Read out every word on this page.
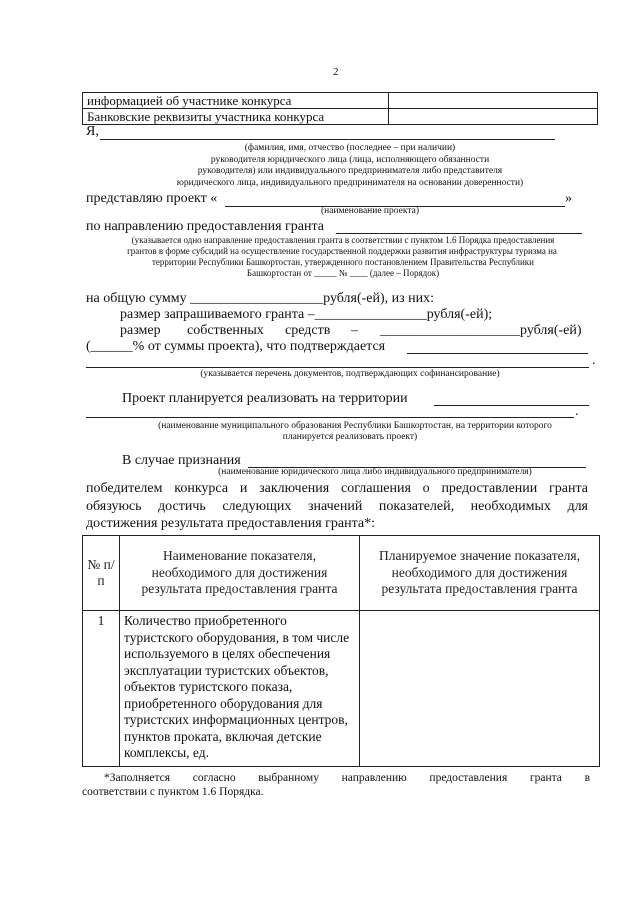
2
информацией об участнике конкурса	
Банковские реквизиты участника конкурса	
Я,
(фамилия, имя, отчество (последнее – при наличии)
руководителя юридического лица (лица, исполняющего обязанности
руководителя) или индивидуального предпринимателя либо представителя
юридического лица, индивидуального предпринимателя на основании доверенности)
представляю проект «	»
(наименование проекта)
по направлению предоставления гранта
(указывается одно направление предоставления гранта в соответствии с пунктом 1.6 Порядка предоставления
грантов в форме субсидий на осуществление государственной поддержки развития инфраструктуры туризма на
территории Республики Башкортостан, утвержденного постановлением Правительства Республики
Башкортостан от _____ № ____ (далее – Порядок)
на общую сумму ___________________рубля(-ей), из них:
размер запрашиваемого гранта –________________рубля(-ей);
размер собственных средств – ____________________рубля(-ей)
(______% от суммы проекта), что подтверждается
.
(указывается перечень документов, подтверждающих софинансирование)
Проект планируется реализовать на территории
.
(наименование муниципального образования Республики Башкортостан, на территории которого
планируется реализовать проект)
В случае признания
(наименование юридического лица либо индивидуального предпринимателя)
победителем конкурса и заключения соглашения о предоставлении гранта
обязуюсь достичь следующих значений показателей, необходимых для
достижения результата предоставления гранта*:
№ п/п	Наименование показателя, необходимого для достижения результата предоставления гранта	Планируемое значение показателя, необходимого для достижения результата предоставления гранта
1	Количество приобретенного туристского оборудования, в том числе используемого в целях обеспечения эксплуатации туристских объектов, объектов туристского показа, приобретенного оборудования для туристских информационных центров, пунктов проката, включая детские комплексы, ед.	
*Заполняется согласно выбранному направлению предоставления гранта в
соответствии с пунктом 1.6 Порядка.
